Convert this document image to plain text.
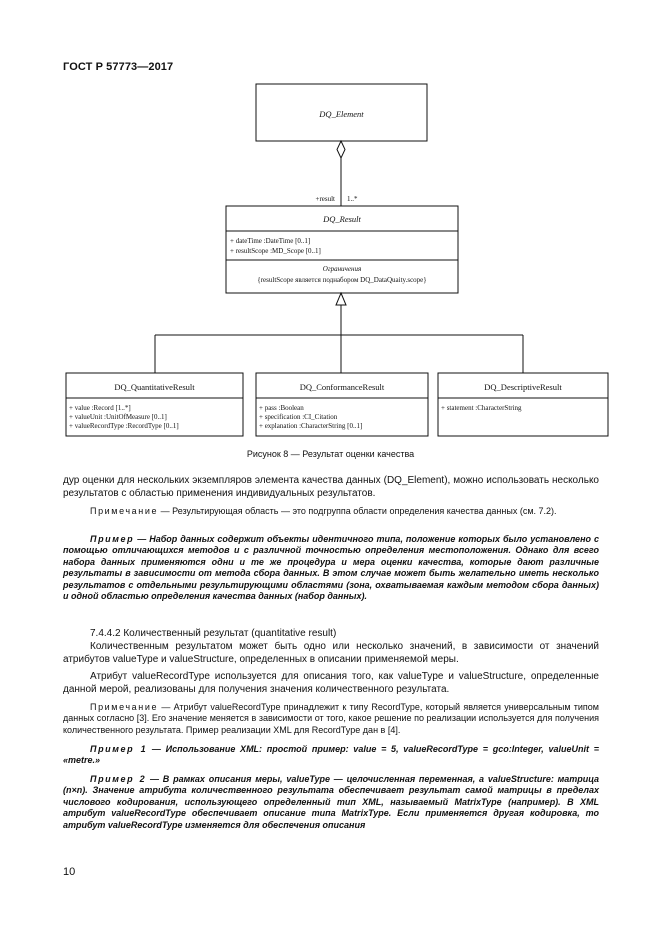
ГОСТ Р 57773—2017
DQ_Element
+result 1..*
DQ_Result
+ dateTime :DateTime [0..1]
+ resultScope :MD_Scope [0..1]
Ограничения
{resultScope является поднабором DQ_DataQuaity.scope}
DQ_QuantitativeResult
+ value :Record [1..*]
+ valueUnit :UnitOfMeasure [0..1]
+ valueRecordType :RecordType [0..1]
DQ_ConformanceResult
+ pass :Boolean
+ specification :CI_Citation
+ explanation :CharacterString [0..1]
DQ_DescriptiveResult
+ statement :CharacterString
Рисунок 8 — Результат оценки качества
дур оценки для нескольких экземпляров элемента качества данных (DQ_Element), можно использовать несколько результатов с областью применения индивидуальных результатов.
Примечание — Результирующая область — это подгруппа области определения качества данных (см. 7.2).
Пример — Набор данных содержит объекты идентичного типа, положение которых было установлено с помощью отличающихся методов и с различной точностью определения местоположения. Однако для всего набора данных применяются одни и те же процедура и мера оценки качества, которые дают различные результаты в зависимости от метода сбора данных. В этом случае может быть желательно иметь несколько результатов с отдельными результирующими областями (зона, охватываемая каждым методом сбора данных) и одной областью определения качества данных (набор данных).
7.4.4.2 Количественный результат (quantitative result)
Количественным результатом может быть одно или несколько значений, в зависимости от значений атрибутов valueType и valueStructure, определенных в описании применяемой меры.
Атрибут valueRecordType используется для описания того, как valueType и valueStructure, определенные данной мерой, реализованы для получения значения количественного результата.
Примечание — Атрибут valueRecordType принадлежит к типу RecordType, который является универсальным типом данных согласно [3]. Его значение меняется в зависимости от того, какое решение по реализации используется для получения количественного результата. Пример реализации XML для RecordType дан в [4].
Пример 1 — Использование XML: простой пример: value = 5, valueRecordType = gco:Integer, valueUnit = «metre.»
Пример 2 — В рамках описания меры, valueType — целочисленная переменная, а valueStructure: матрица (n×n). Значение атрибута количественного результата обеспечивает результат самой матрицы в пределах числового кодирования, использующего определенный тип XML, называемый MatrixType (например). В XML атрибут valueRecordType обеспечивает описание типа MatrixType. Если применяется другая кодировка, то атрибут valueRecordType изменяется для обеспечения описания
10
